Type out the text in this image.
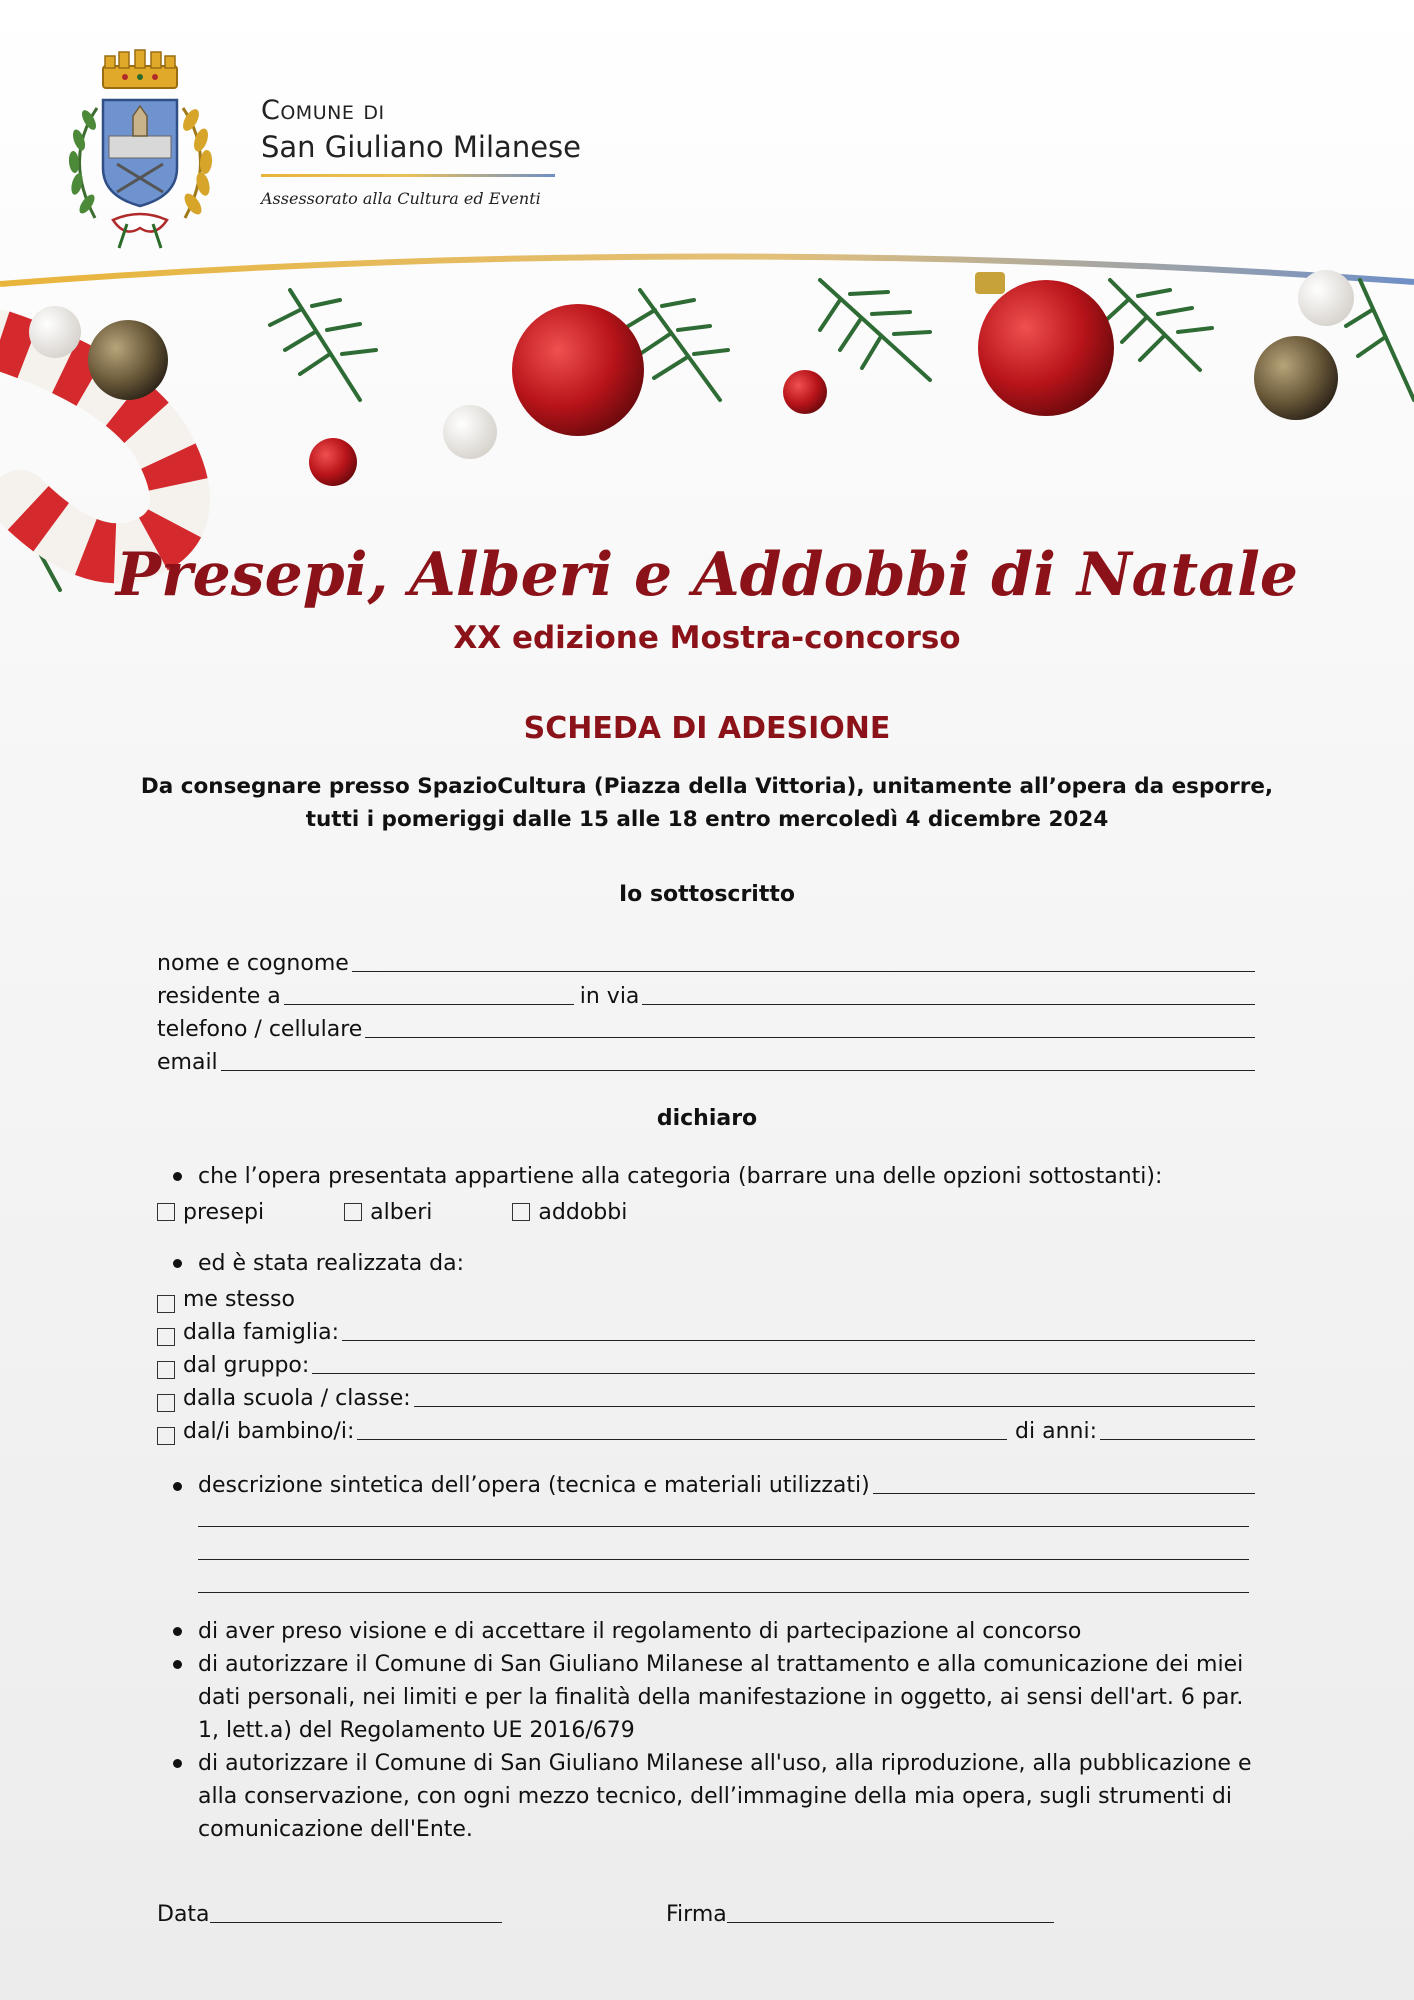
Comune di
San Giuliano Milanese
Assessorato alla Cultura ed Eventi
Presepi, Alberi e Addobbi di Natale
XX edizione Mostra-concorso
SCHEDA DI ADESIONE
Da consegnare presso SpazioCultura (Piazza della Vittoria), unitamente all’opera da esporre,
tutti i pomeriggi dalle 15 alle 18 entro mercoledì 4 dicembre 2024
Io sottoscritto
nome e cognome
residente a	in via
telefono / cellulare
email
dichiaro
che l’opera presentata appartiene alla categoria (barrare una delle opzioni sottostanti):
presepi	alberi	addobbi
ed è stata realizzata da:
me stesso
dalla famiglia:
dal gruppo:
dalla scuola / classe:
dal/i bambino/i:	di anni:
descrizione sintetica dell’opera (tecnica e materiali utilizzati)
di aver preso visione e di accettare il regolamento di partecipazione al concorso
di autorizzare il Comune di San Giuliano Milanese al trattamento e alla comunicazione dei miei dati personali, nei limiti e per la finalità della manifestazione in oggetto, ai sensi dell'art. 6 par. 1, lett.a) del Regolamento UE 2016/679
di autorizzare il Comune di San Giuliano Milanese all'uso, alla riproduzione, alla pubblicazione e alla conservazione, con ogni mezzo tecnico, dell’immagine della mia opera, sugli strumenti di comunicazione dell'Ente.
Data	Firma
